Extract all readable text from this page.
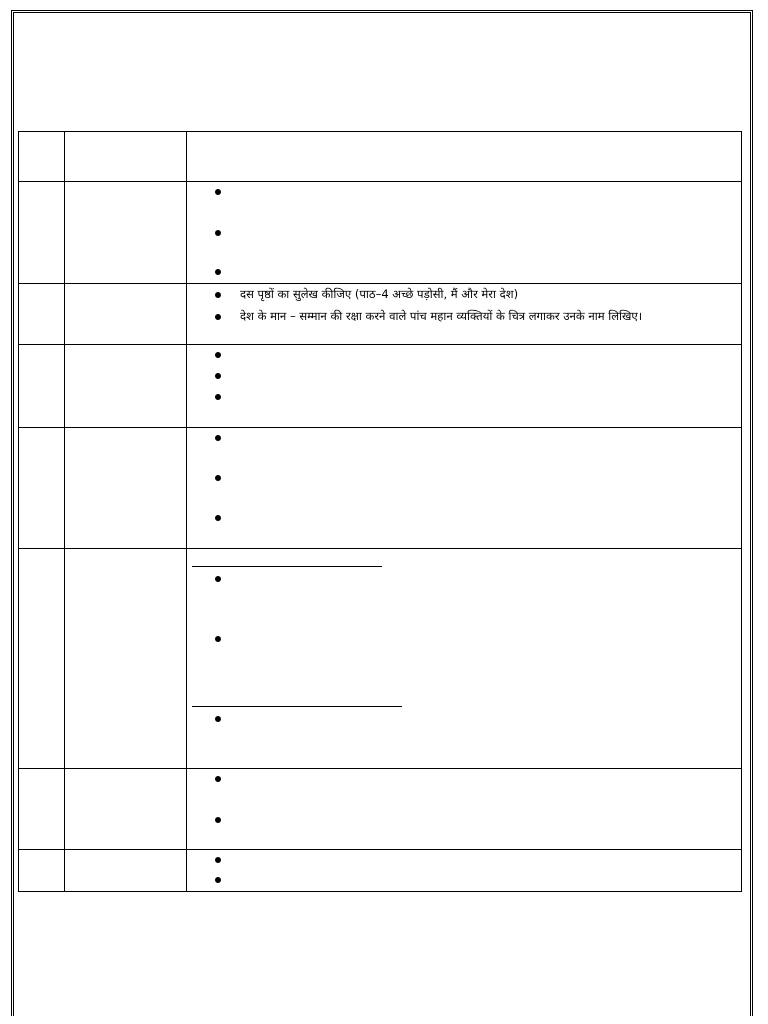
दस पृष्ठों का सुलेख कीजिए (पाठ–4 अच्छे पड़ोसी, मैं और मेरा देश)
देश के मान – सम्मान की रक्षा करने वाले पांच महान व्यक्तियों के चित्र लगाकर उनके नाम लिखिए।
